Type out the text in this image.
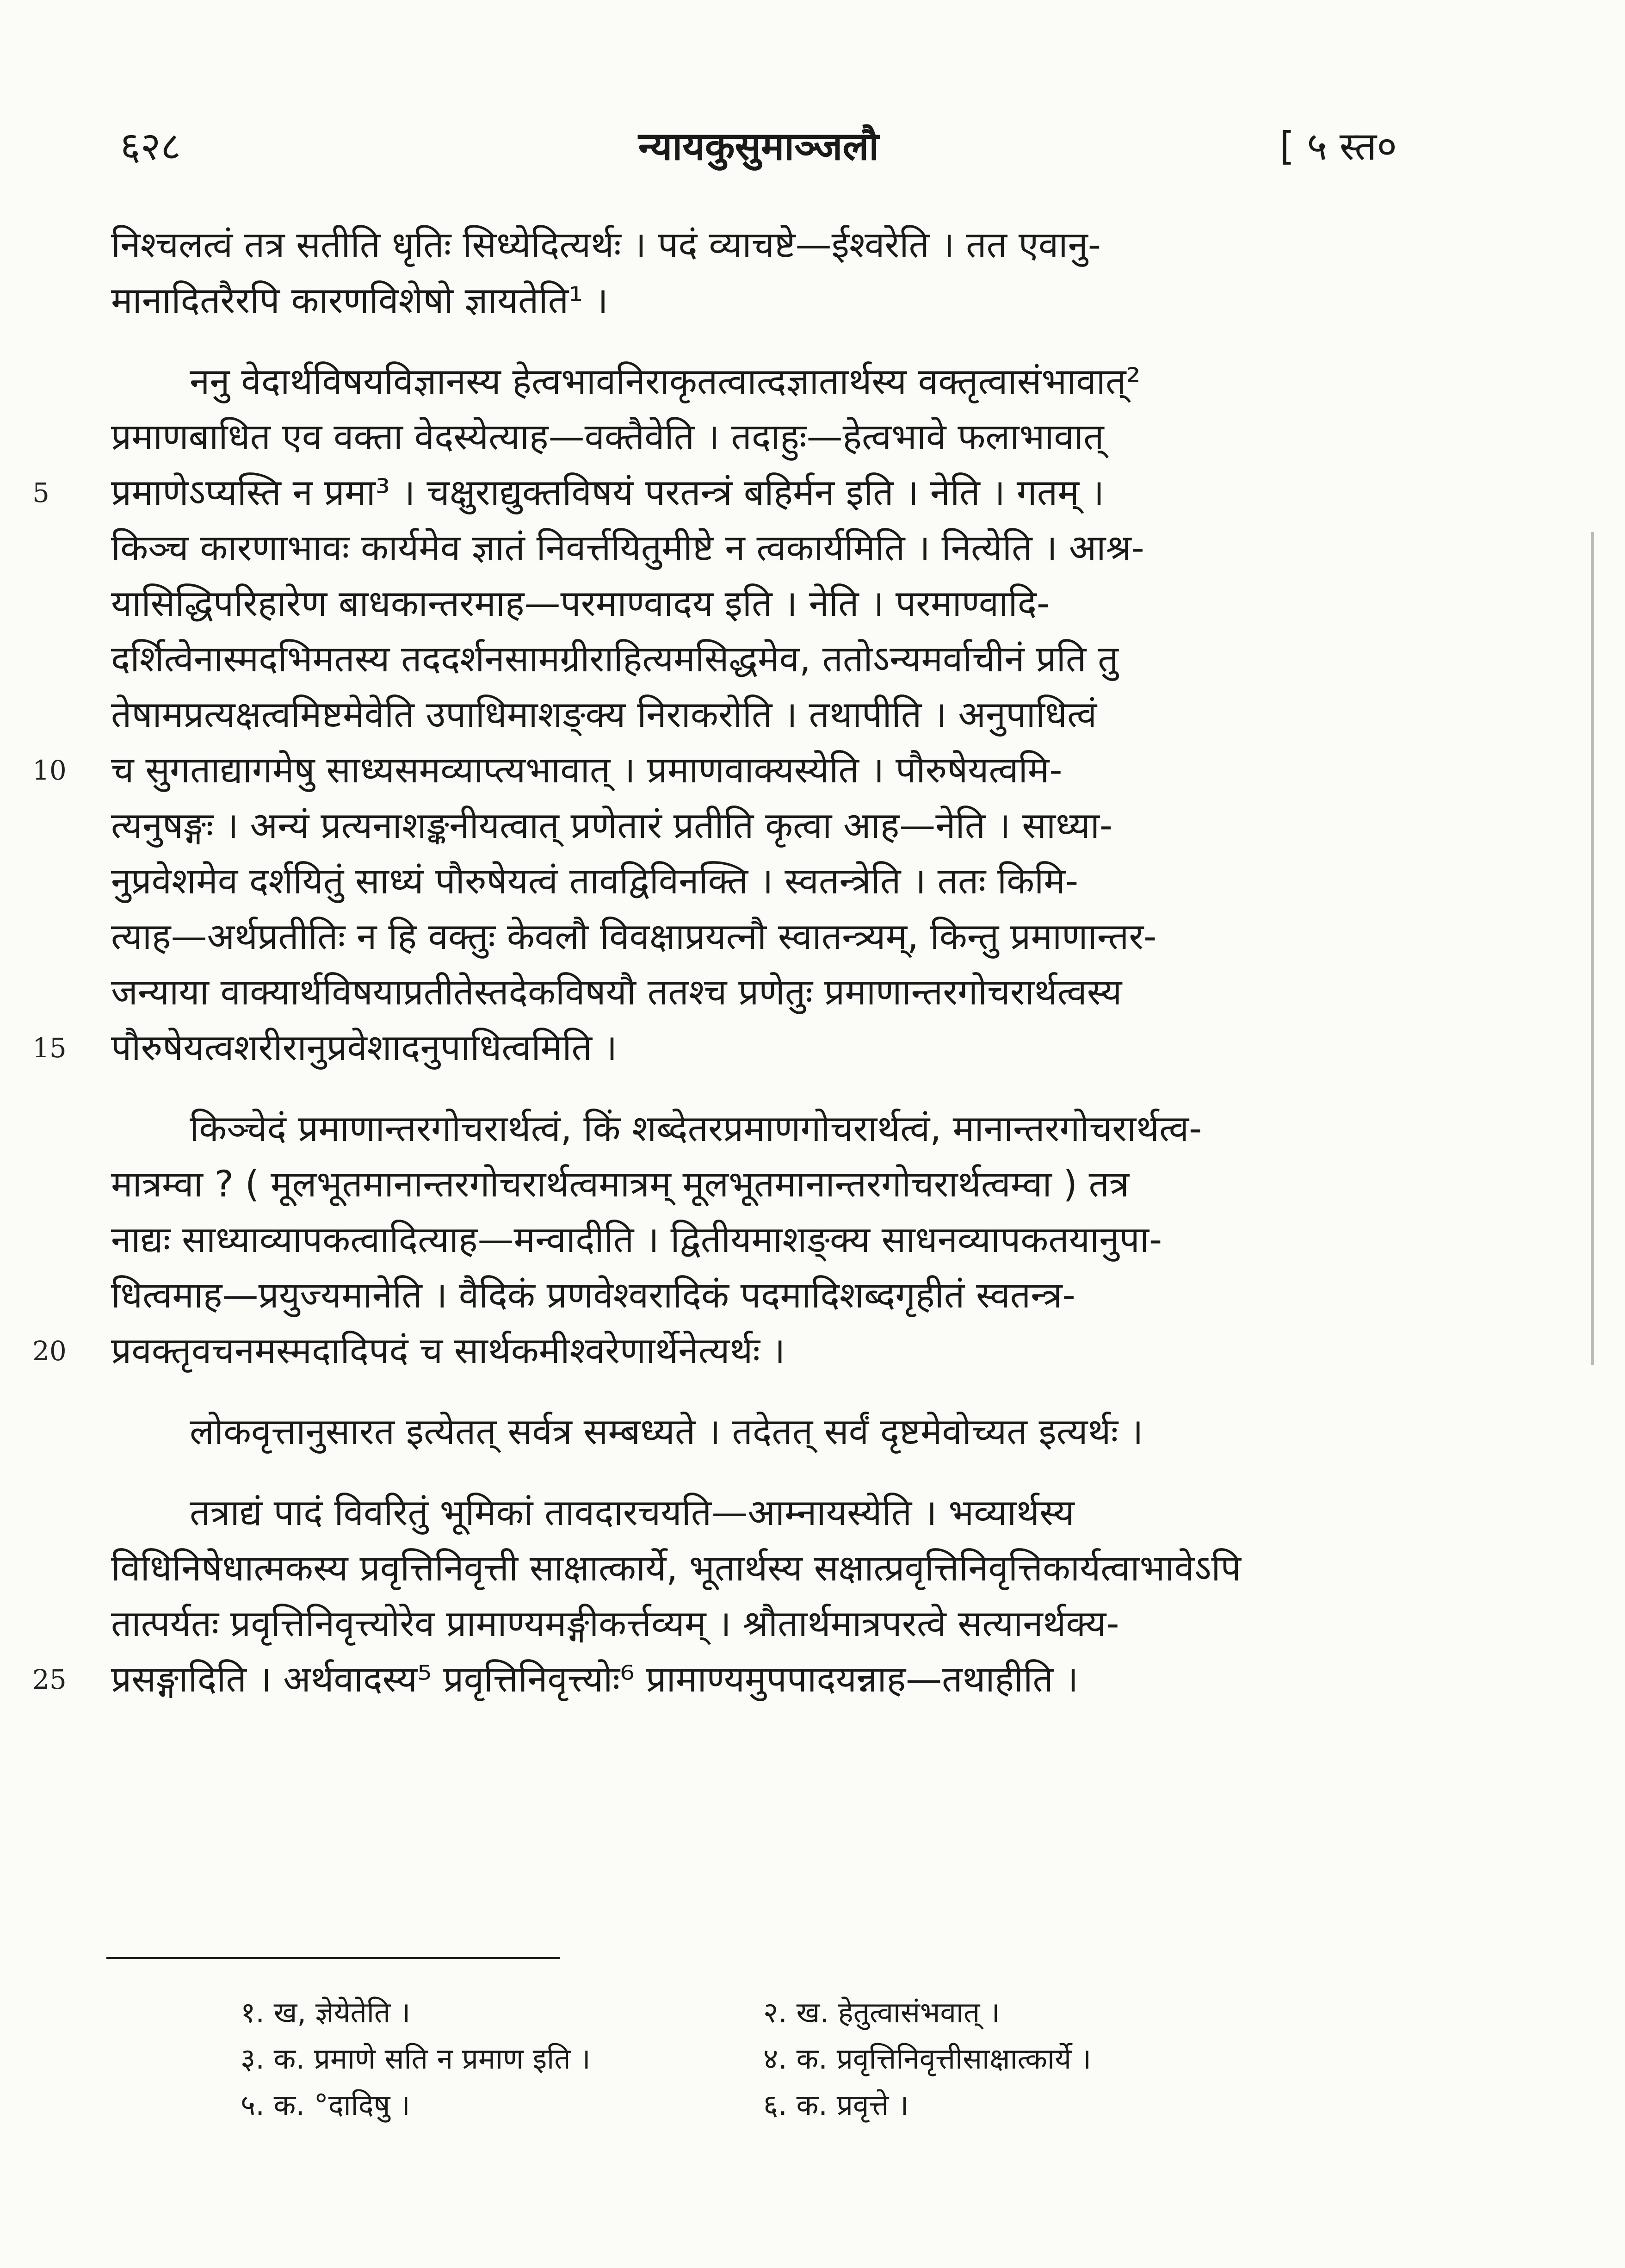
६२८	न्यायकुसुमाञ्जलौ	[ ५ स्त०
निश्चलत्वं तत्र सतीति धृतिः सिध्येदित्यर्थः । पदं व्याचष्टे—ईश्वरेति । तत एवानु-
मानादितरैरपि कारणविशेषो ज्ञायतेति¹ ।
ननु वेदार्थविषयविज्ञानस्य हेत्वभावनिराकृतत्वात्दज्ञातार्थस्य वक्तृत्वासंभावात्²
प्रमाणबाधित एव वक्ता वेदस्येत्याह—वक्तैवेति । तदाहुः—हेत्वभावे फलाभावात्
5	प्रमाणेऽप्यस्ति न प्रमा³ । चक्षुराद्युक्तविषयं परतन्त्रं बहिर्मन इति । नेति । गतम् ।
किञ्च कारणाभावः कार्यमेव ज्ञातं निवर्त्तयितुमीष्टे न त्वकार्यमिति । नित्येति । आश्र-
यासिद्धिपरिहारेण बाधकान्तरमाह—परमाण्वादय इति । नेति । परमाण्वादि-
दर्शित्वेनास्मदभिमतस्य तददर्शनसामग्रीराहित्यमसिद्धमेव, ततोऽन्यमर्वाचीनं प्रति तु
तेषामप्रत्यक्षत्वमिष्टमेवेति उपाधिमाशङ्क्य निराकरोति । तथापीति । अनुपाधित्वं
10	च सुगताद्यागमेषु साध्यसमव्याप्त्यभावात् । प्रमाणवाक्यस्येति । पौरुषेयत्वमि-
त्यनुषङ्गः । अन्यं प्रत्यनाशङ्कनीयत्वात् प्रणेतारं प्रतीति कृत्वा आह—नेति । साध्या-
नुप्रवेशमेव दर्शयितुं साध्यं पौरुषेयत्वं तावद्विविनक्ति । स्वतन्त्रेति । ततः किमि-
त्याह—अर्थप्रतीतिः न हि वक्तुः केवलौ विवक्षाप्रयत्नौ स्वातन्त्र्यम्, किन्तु प्रमाणान्तर-
जन्याया वाक्यार्थविषयाप्रतीतेस्तदेकविषयौ ततश्च प्रणेतुः प्रमाणान्तरगोचरार्थत्वस्य
15	पौरुषेयत्वशरीरानुप्रवेशादनुपाधित्वमिति ।
किञ्चेदं प्रमाणान्तरगोचरार्थत्वं, किं शब्देतरप्रमाणगोचरार्थत्वं, मानान्तरगोचरार्थत्व-
मात्रम्वा ? ( मूलभूतमानान्तरगोचरार्थत्वमात्रम् मूलभूतमानान्तरगोचरार्थत्वम्वा ) तत्र
नाद्यः साध्याव्यापकत्वादित्याह—मन्वादीति । द्वितीयमाशङ्क्य साधनव्यापकतयानुपा-
धित्वमाह—प्रयुज्यमानेति । वैदिकं प्रणवेश्वरादिकं पदमादिशब्दगृहीतं स्वतन्त्र-
20	प्रवक्तृवचनमस्मदादिपदं च सार्थकमीश्वरेणार्थेनेत्यर्थः ।
लोकवृत्तानुसारत इत्येतत् सर्वत्र सम्बध्यते । तदेतत् सर्वं दृष्टमेवोच्यत इत्यर्थः ।
तत्राद्यं पादं विवरितुं भूमिकां तावदारचयति—आम्नायस्येति । भव्यार्थस्य
विधिनिषेधात्मकस्य प्रवृत्तिनिवृत्ती साक्षात्कार्ये, भूतार्थस्य सक्षात्प्रवृत्तिनिवृत्तिकार्यत्वाभावेऽपि
तात्पर्यतः प्रवृत्तिनिवृत्त्योरेव प्रामाण्यमङ्गीकर्त्तव्यम् । श्रौतार्थमात्रपरत्वे सत्यानर्थक्य-
25	प्रसङ्गादिति । अर्थवादस्य⁵ प्रवृत्तिनिवृत्त्योः⁶ प्रामाण्यमुपपादयन्नाह—तथाहीति ।
१. ख, ज्ञेयेतेति ।	२. ख. हेतुत्वासंभवात् ।
३. क. प्रमाणे सति न प्रमाण इति ।	४. क. प्रवृत्तिनिवृत्तीसाक्षात्कार्ये ।
५. क. °दादिषु ।	६. क. प्रवृत्ते ।
